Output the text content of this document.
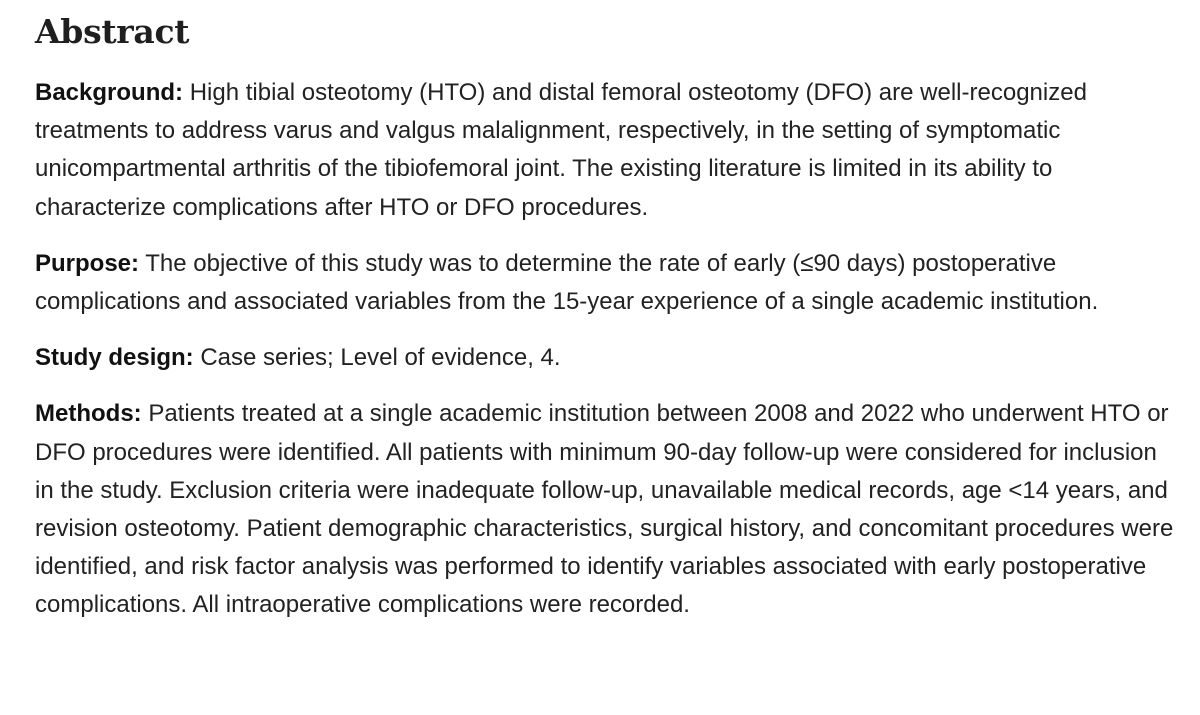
Abstract

Background: High tibial osteotomy (HTO) and distal femoral osteotomy (DFO) are well-recognized treatments to address varus and valgus malalignment, respectively, in the setting of symptomatic unicompartmental arthritis of the tibiofemoral joint. The existing literature is limited in its ability to characterize complications after HTO or DFO procedures.

Purpose: The objective of this study was to determine the rate of early (≤90 days) postoperative complications and associated variables from the 15-year experience of a single academic institution.

Study design: Case series; Level of evidence, 4.

Methods: Patients treated at a single academic institution between 2008 and 2022 who underwent HTO or DFO procedures were identified. All patients with minimum 90-day follow-up were considered for inclusion in the study. Exclusion criteria were inadequate follow-up, unavailable medical records, age <14 years, and revision osteotomy. Patient demographic characteristics, surgical history, and concomitant procedures were identified, and risk factor analysis was performed to identify variables associated with early postoperative complications. All intraoperative complications were recorded.
